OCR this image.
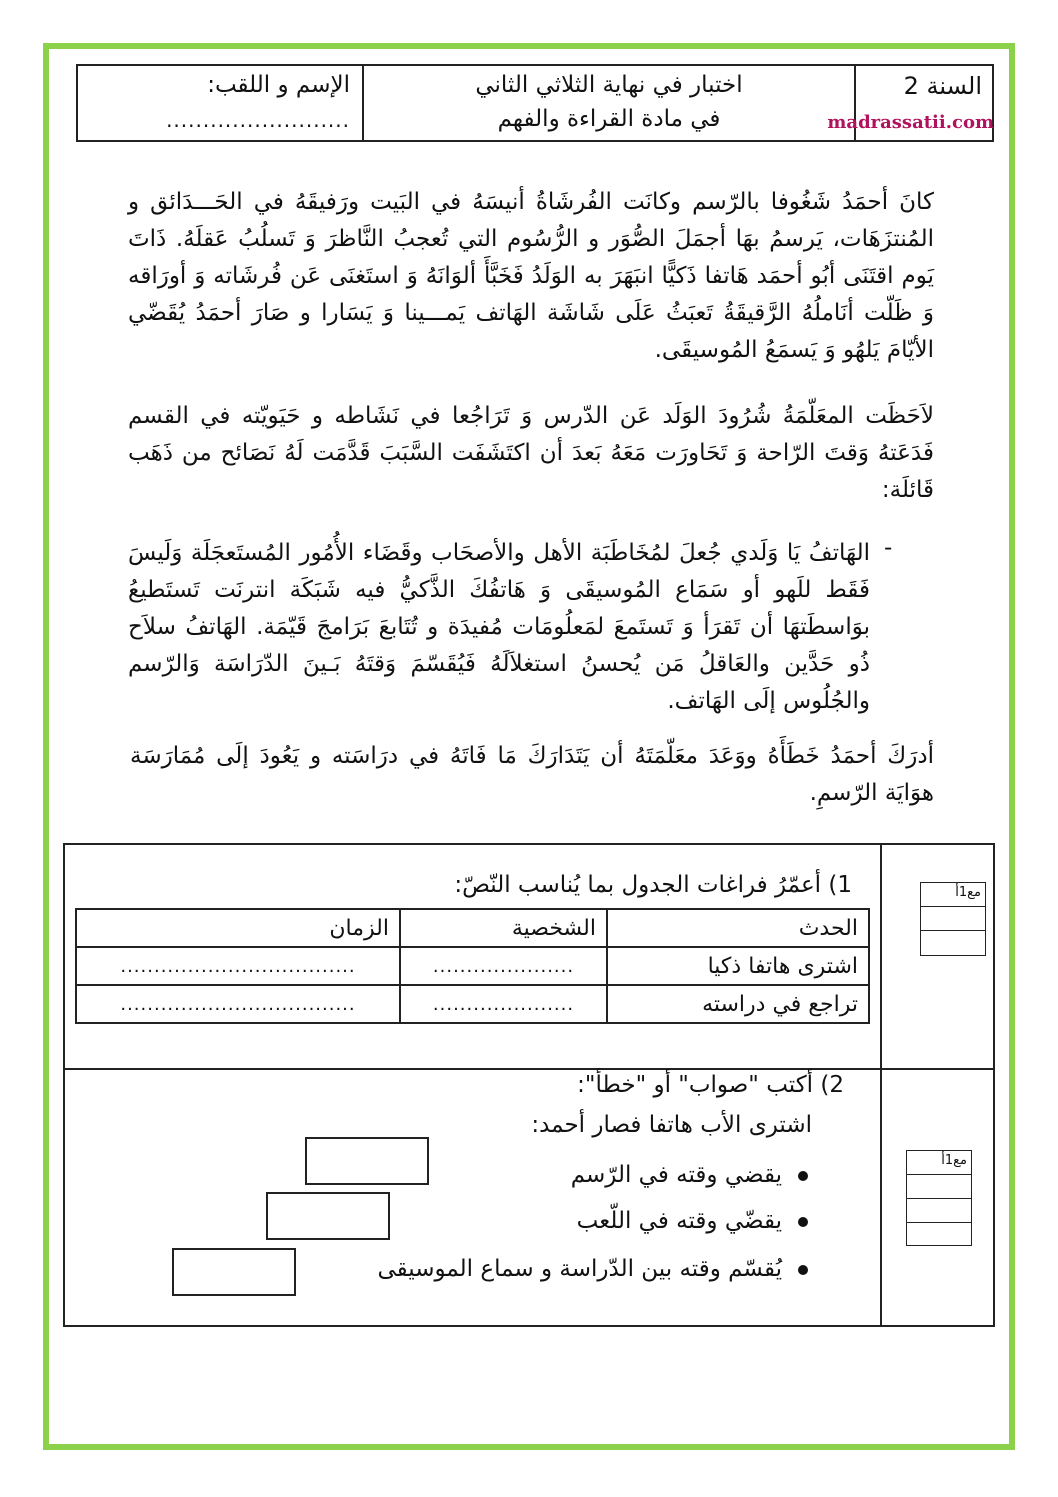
السنة 2
madrassatii.com
اختبار في نهاية الثلاثي الثاني
في مادة القراءة والفهم
الإسم و اللقب:
.........................
كانَ أحمَدُ شَغُوفا بالرّسم وكانَت الفُرشَاةُ أنيسَهُ في البَيت ورَفيقَهُ في الحَـــدَائق و المُنتزَهَات، يَرسمُ بهَا أجمَلَ الصُّوَر و الرُّسُوم التي تُعجبُ النَّاظرَ وَ تَسلُبُ عَقلَهُ. ذَاتَ يَوم اقتَنَى أبُو أحمَد هَاتفا ذَكيًّا انبَهَرَ به الوَلَدُ فَخَبَّأَ ألوَانَهُ وَ استَغنَى عَن فُرشَاته وَ أورَاقه وَ ظَلّت أنَاملُهُ الرَّقيقَةُ تَعبَثُ عَلَى شَاشَة الهَاتف يَمـــينا وَ يَسَارا و صَارَ أحمَدُ يُقَضّي الأيّامَ يَلهُو وَ يَسمَعُ المُوسيقَى.
لاَحَظَت المعَلّمَةُ شُرُودَ الوَلَد عَن الدّرس وَ تَرَاجُعا في نَشَاطه و حَيَويّته في القسم فَدَعَتهُ وَقتَ الرّاحة وَ تَحَاورَت مَعَهُ بَعدَ أن اكتَشَفَت السَّبَبَ قَدَّمَت لَهُ نَصَائح من ذَهَب قَائلَة:
-
الهَاتفُ يَا وَلَدي جُعلَ لمُخَاطَبَة الأهل والأصحَاب وقَضَاء الأُمُور المُستَعجَلَة وَلَيسَ فَقَط للَهو أو سَمَاع المُوسيقَى وَ هَاتفُكَ الذَّكيُّ فيه شَبَكَة انترنَت تَستَطيعُ بوَاسطَتهَا أن تَقرَأ وَ تَستَمعَ لمَعلُومَات مُفيدَة و تُتَابعَ بَرَامجَ قَيّمَة. الهَاتفُ سلاَح ذُو حَدَّين والعَاقلُ مَن يُحسنُ استغلاَلَهُ فَيُقَسّمَ وَقتَهُ بَـينَ الدّرَاسَة وَالرّسم والجُلُوس إلَى الهَاتف.
أدرَكَ أحمَدُ خَطَأَهُ ووَعَدَ معَلّمَتَهُ أن يَتَدَارَكَ مَا فَاتَهُ في درَاسَته و يَعُودَ إلَى مُمَارَسَة هوَايَة الرّسمِ.
مع1أ
1) أعمّرُ فراغات الجدول بما يُناسب النّصّ:
الحدث	الشخصية	الزمان
اشترى هاتفا ذكيا	.....................	...................................
تراجع في دراسته	.....................	...................................
مع1أ
2) أكتب "صواب" أو "خطأ":
اشترى الأب هاتفا فصار أحمد:
يقضي وقته في الرّسم
يقضّي وقته في اللّعب
يُقسّم وقته بين الدّراسة و سماع الموسيقى
